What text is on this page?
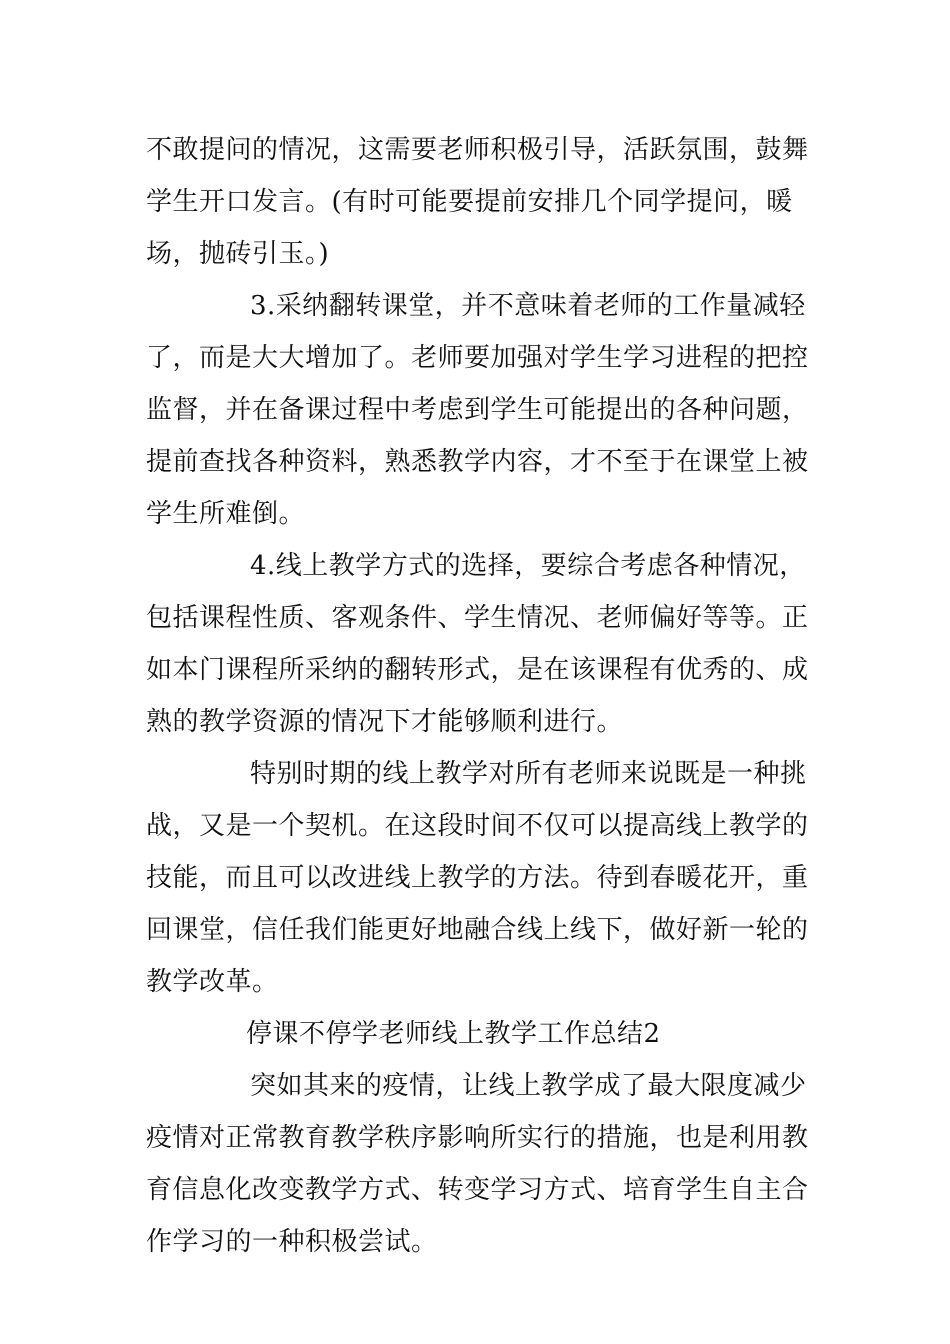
不敢提问的情况，这需要老师积极引导，活跃氛围，鼓舞学生开口发言。(有时可能要提前安排几个同学提问，暖场，抛砖引玉。)

3.采纳翻转课堂，并不意味着老师的工作量减轻了，而是大大增加了。老师要加强对学生学习进程的把控监督，并在备课过程中考虑到学生可能提出的各种问题，提前查找各种资料，熟悉教学内容，才不至于在课堂上被学生所难倒。

4.线上教学方式的选择，要综合考虑各种情况，包括课程性质、客观条件、学生情况、老师偏好等等。正如本门课程所采纳的翻转形式，是在该课程有优秀的、成熟的教学资源的情况下才能够顺利进行。

特别时期的线上教学对所有老师来说既是一种挑战，又是一个契机。在这段时间不仅可以提高线上教学的技能，而且可以改进线上教学的方法。待到春暖花开，重回课堂，信任我们能更好地融合线上线下，做好新一轮的教学改革。

停课不停学老师线上教学工作总结2

突如其来的疫情，让线上教学成了最大限度减少疫情对正常教育教学秩序影响所实行的措施，也是利用教育信息化改变教学方式、转变学习方式、培育学生自主合作学习的一种积极尝试。
